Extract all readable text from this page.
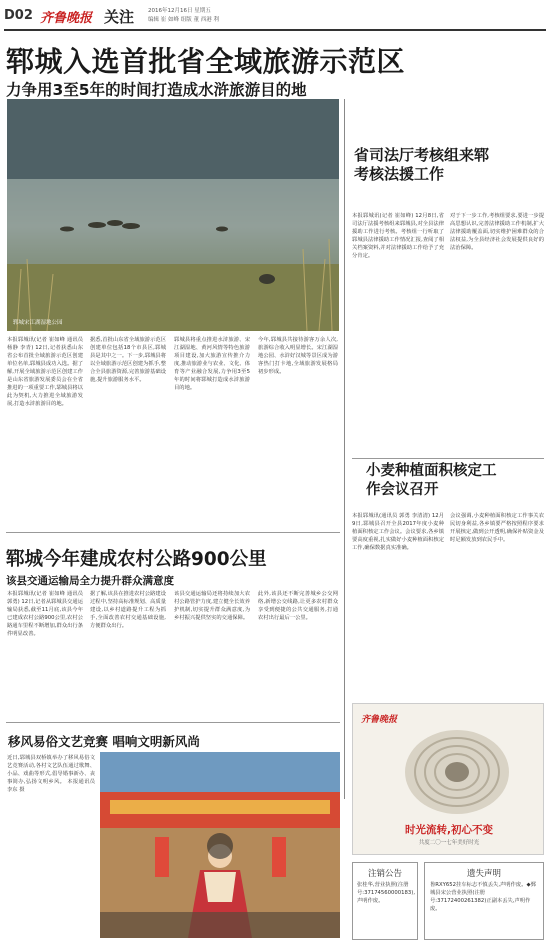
D02 齐鲁晚报 关注	2016年12月16日 星期五
编辑 崔 如峰 组版 董 西港 利
郓城入选首批省全域旅游示范区
力争用3至5年的时间打造成水浒旅游目的地
郓城宋江湖湿地公园
本报郓城讯(记者 崔如峰 通讯员 杨静 李青) 12日,记者获悉山东省公布首批全域旅游示范区创建单位名单,郓城县成功入选。据了解,开展全域旅游示范区创建工作是山东省旅游发展委员会在全省推进的一项重要工作,郓城县将以此为契机,大力推进全域旅游发展,打造水浒旅游目的地。
据悉,首批山东省全域旅游示范区创建单位包括18个市县区,郓城县是其中之一。下一步,郓城县将以全域旅游示范区创建为抓手,整合全县旅游资源,完善旅游基础设施,提升旅游服务水平。
郓城县将重点推进水浒旅游、宋江湖湿地、黄河风情等特色旅游项目建设,加大旅游宣传推介力度,推动旅游业与农业、文化、体育等产业融合发展,力争用3至5年的时间将郓城打造成水浒旅游目的地。
今年,郓城县共接待游客万余人次,旅游综合收入明显增长。宋江湖湿地公园、水浒好汉城等景区成为游客热门打卡地,全域旅游发展格局初步形成。
省司法厅考核组来郓考核法援工作
本报郓城讯(记者 崔如峰) 12月8日,省司法厅法援考核组来郓城县,对全县法律援助工作进行考核。考核组一行听取了郓城县法律援助工作情况汇报,查阅了相关档案资料,并对法律援助工作给予了充分肯定。
对于下一步工作,考核组要求,要进一步提高思想认识,完善法律援助工作机制,扩大法律援助覆盖面,切实维护困难群众的合法权益,为全县经济社会发展提供良好的法治保障。
小麦种植面积核定工作会议召开
本报郓城讯(通讯员 郭勇 李清清) 12月9日,郓城县召开全县2017年度小麦种植面积核定工作会议。会议要求,各乡镇要高度重视,扎实做好小麦种植面积核定工作,确保数据真实准确。
会议强调,小麦种植面积核定工作事关农民切身利益,各乡镇要严格按照程序要求开展核定,做到公开透明,确保补贴资金及时足额发放到农民手中。
郓城今年建成农村公路900公里
该县交通运输局全力提升群众满意度
本报郓城讯(记者 崔如峰 通讯员 郭勇) 12日,记者从郓城县交通运输局获悉,截至11月底,该县今年已建成农村公路900公里,农村公路通车里程不断增加,群众出行条件明显改善。
据了解,该县在推进农村公路建设过程中,坚持高标准规划、高质量建设,以乡村道路提升工程为抓手,全面改善农村交通基础设施,方便群众出行。
该县交通运输局还将持续加大农村公路管护力度,建立健全长效养护机制,切实提升群众满意度,为乡村振兴提供坚实的交通保障。
此外,该县还不断完善城乡公交网络,新增公交线路,让更多农村群众享受到便捷的公共交通服务,打通农村出行最后一公里。
移风易俗文艺竞赛 唱响文明新风尚
近日,郓城县双桥镇举办了移风易俗文艺竞赛活动,各村文艺队伍通过歌舞、小品、戏曲等形式,倡导婚事新办、丧事简办,弘扬文明乡风。 本报通讯员 李东 摄
齐鲁晚报
时光流转,初心不变
共度二〇一七年美好时光
注销公告
张桂华,营业执照(注册号:37174560000183),声明作废。
遗失声明
鲁RXY652挂车标志不慎丢失,声明作废。◆鄄城县宋公营业执照(注册号:37172400261382)正副本丢失,声明作废。
